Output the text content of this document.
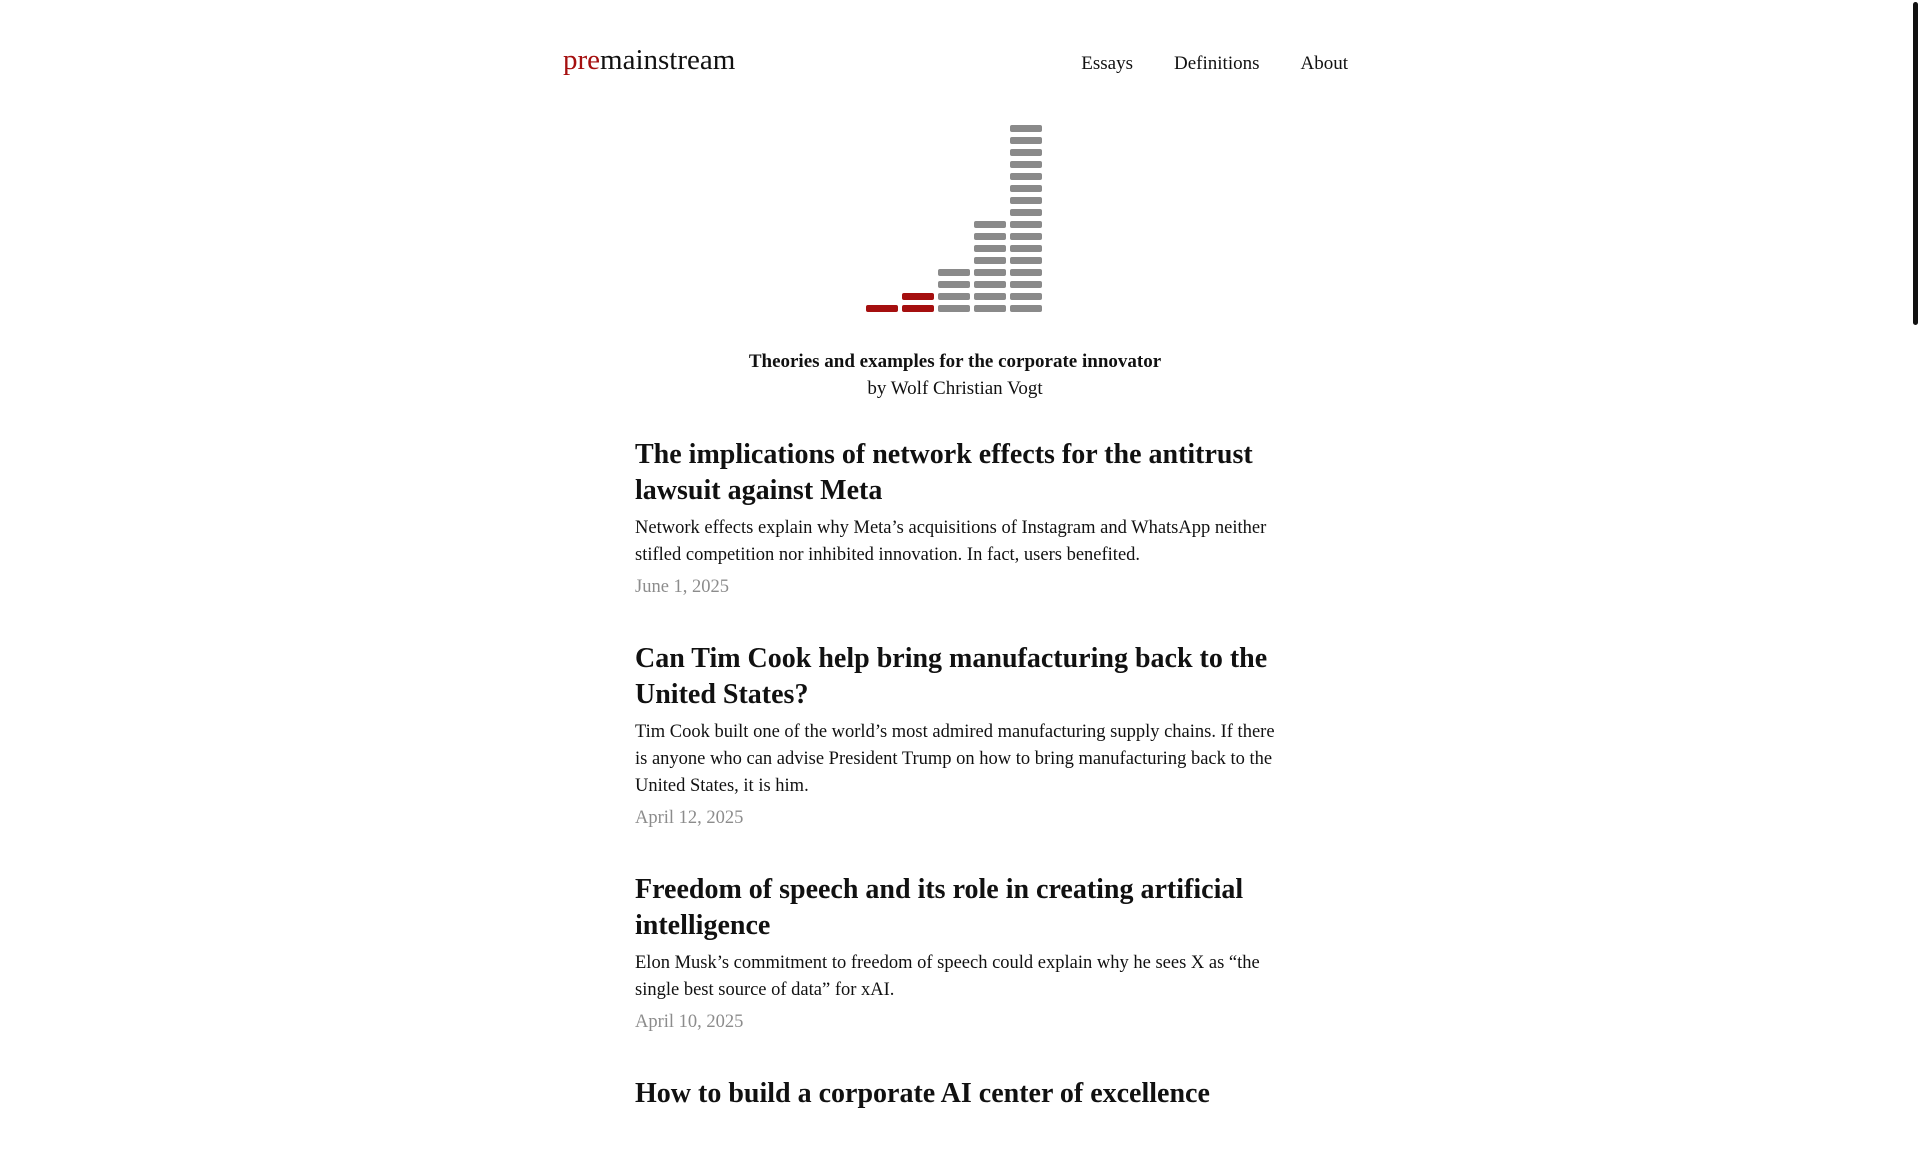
premainstream	Essays Definitions About
Theories and examples for the corporate innovator
by Wolf Christian Vogt
The implications of network effects for the antitrust lawsuit against Meta

Network effects explain why Meta’s acquisitions of Instagram and WhatsApp neither stifled competition nor inhibited innovation. In fact, users benefited.

June 1, 2025
Can Tim Cook help bring manufacturing back to the United States?

Tim Cook built one of the world’s most admired manufacturing supply chains. If there is anyone who can advise President Trump on how to bring manufacturing back to the United States, it is him.

April 12, 2025
Freedom of speech and its role in creating artificial intelligence

Elon Musk’s commitment to freedom of speech could explain why he sees X as “the single best source of data” for xAI.

April 10, 2025
How to build a corporate AI center of excellence
